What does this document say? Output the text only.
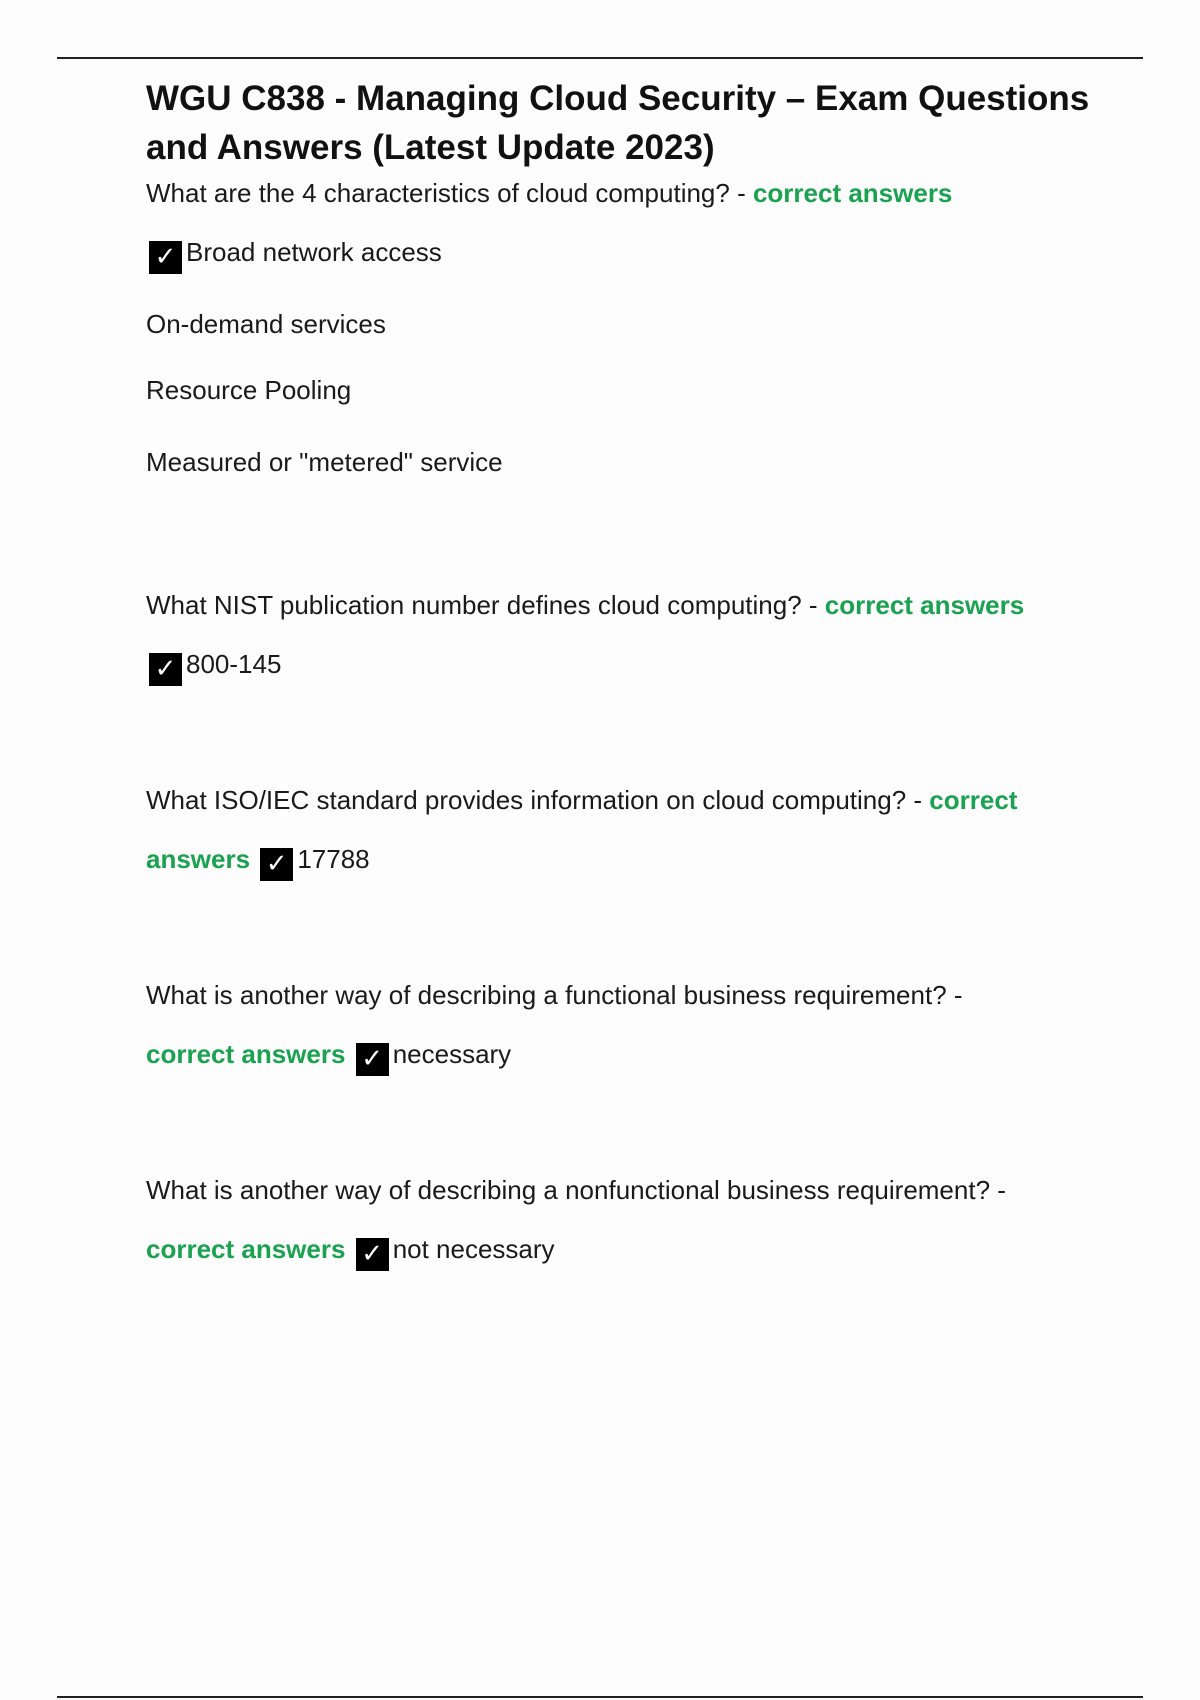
WGU C838 - Managing Cloud Security – Exam Questions and Answers (Latest Update 2023)
What are the 4 characteristics of cloud computing? - correct answers
✓ Broad network access
On-demand services
Resource Pooling
Measured or "metered" service
What NIST publication number defines cloud computing? - correct answers
✓ 800-145
What ISO/IEC standard provides information on cloud computing? - correct
answers ✓ 17788
What is another way of describing a functional business requirement? -
correct answers ✓ necessary
What is another way of describing a nonfunctional business requirement? -
correct answers ✓ not necessary
